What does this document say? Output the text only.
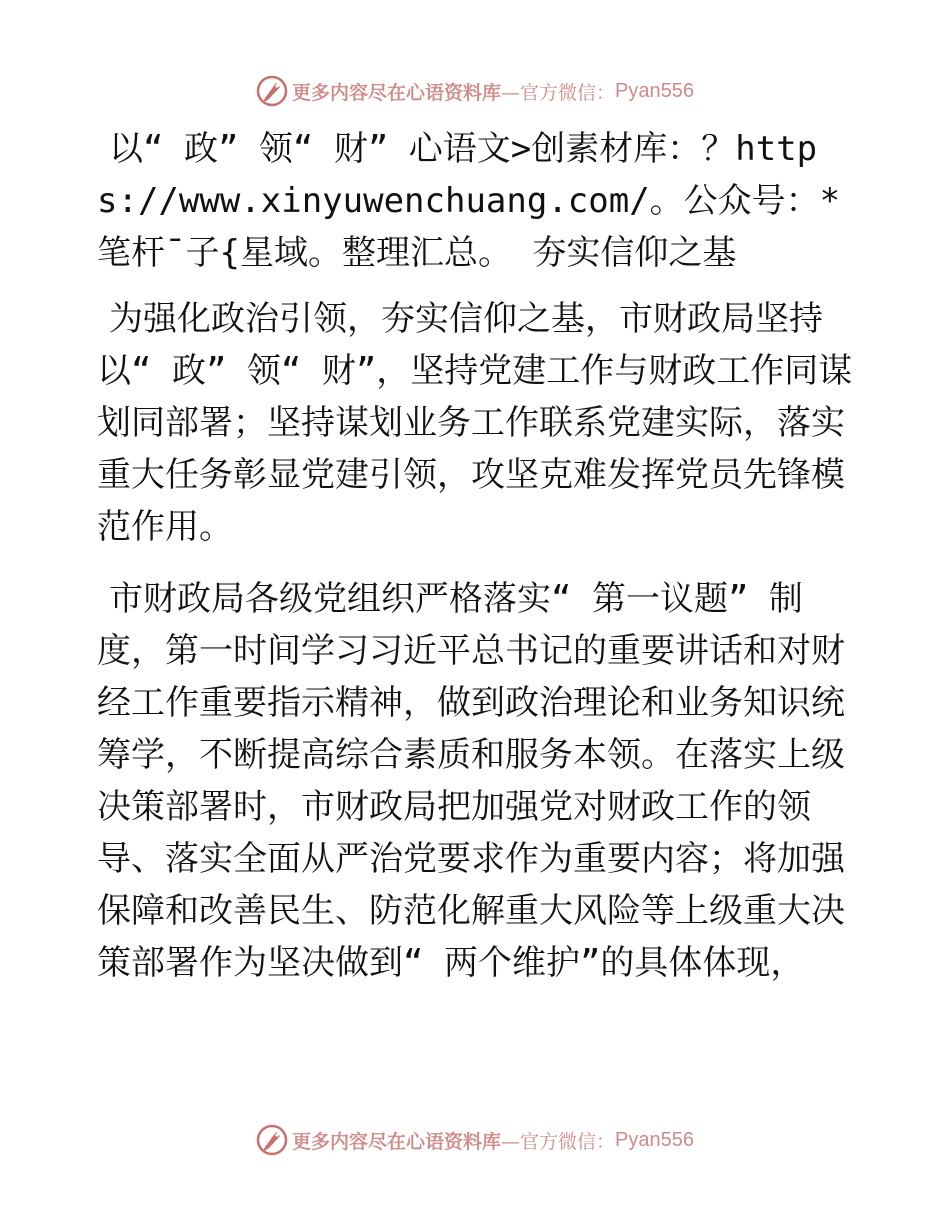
更多内容尽在心语资料库 —官方微信： Pyan556

以“ 政” 领“ 财” 心语文>创素材库：？https://www.xinyuwenchuang.com/。公众号：*笔杆¯子{星域。整理汇总。 夯实信仰之基

为强化政治引领，夯实信仰之基，市财政局坚持以“ 政” 领“ 财”，坚持党建工作与财政工作同谋划同部署；坚持谋划业务工作联系党建实际，落实重大任务彰显党建引领，攻坚克难发挥党员先锋模范作用。

市财政局各级党组织严格落实“ 第一议题” 制度，第一时间学习习近平总书记的重要讲话和对财经工作重要指示精神，做到政治理论和业务知识统筹学，不断提高综合素质和服务本领。在落实上级决策部署时，市财政局把加强党对财政工作的领导、落实全面从严治党要求作为重要内容；将加强保障和改善民生、防范化解重大风险等上级重大决策部署作为坚决做到“ 两个维护”的具体体现，

更多内容尽在心语资料库 —官方微信： Pyan556
